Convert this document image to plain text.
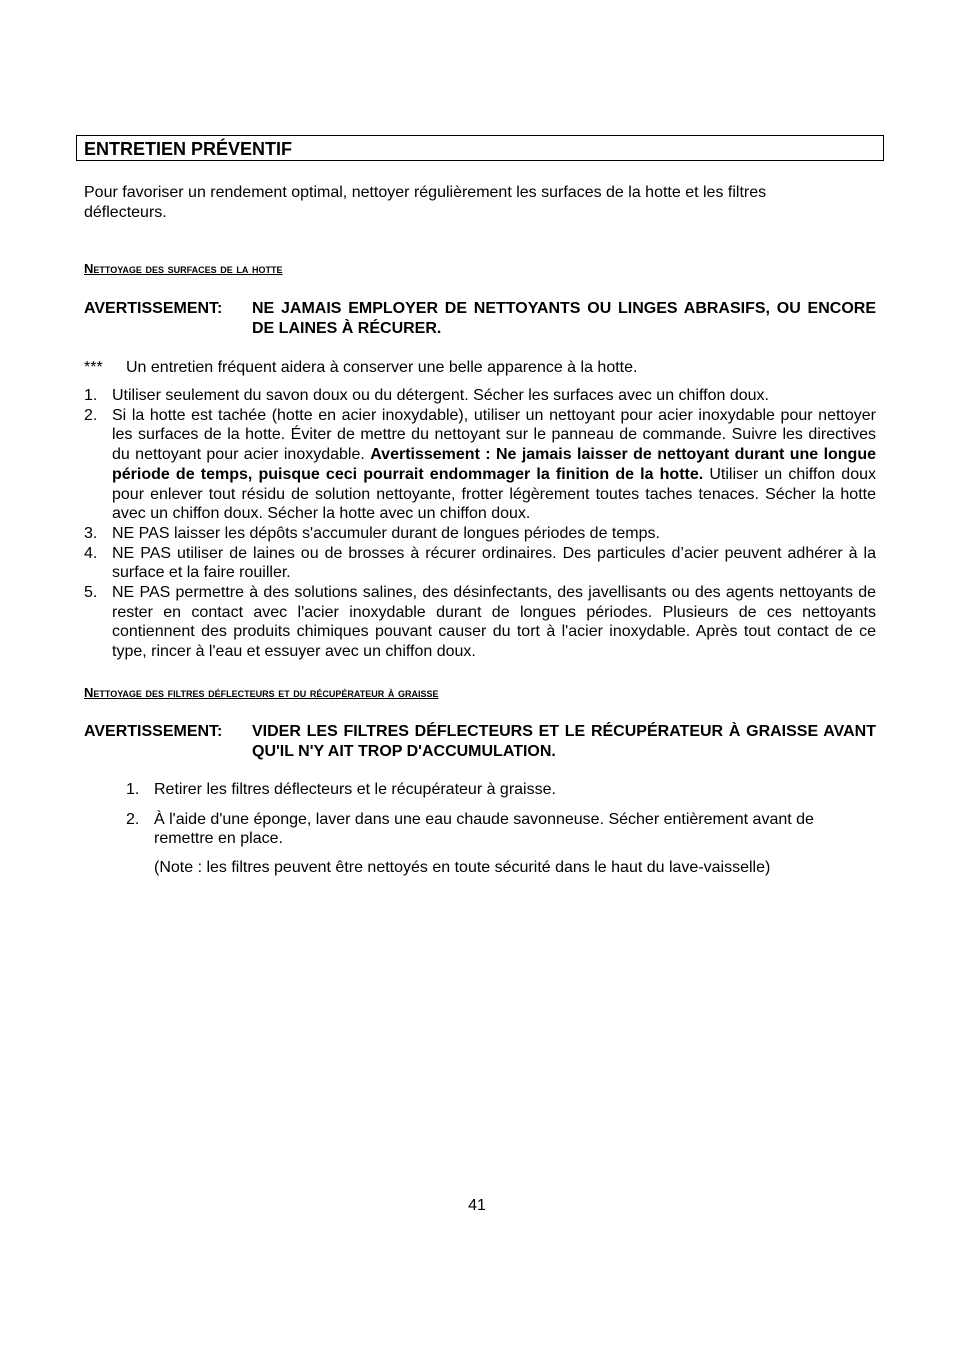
ENTRETIEN PRÉVENTIF
Pour favoriser un rendement optimal, nettoyer régulièrement les surfaces de la hotte et les filtres déflecteurs.
Nettoyage des surfaces de la hotte
AVERTISSEMENT: NE JAMAIS EMPLOYER DE NETTOYANTS OU LINGES ABRASIFS, OU ENCORE DE LAINES À RÉCURER.
*** Un entretien fréquent aidera à conserver une belle apparence à la hotte.
1. Utiliser seulement du savon doux ou du détergent. Sécher les surfaces avec un chiffon doux.
2. Si la hotte est tachée (hotte en acier inoxydable), utiliser un nettoyant pour acier inoxydable pour nettoyer les surfaces de la hotte. Éviter de mettre du nettoyant sur le panneau de commande. Suivre les directives du nettoyant pour acier inoxydable. Avertissement : Ne jamais laisser de nettoyant durant une longue période de temps, puisque ceci pourrait endommager la finition de la hotte. Utiliser un chiffon doux pour enlever tout résidu de solution nettoyante, frotter légèrement toutes taches tenaces. Sécher la hotte avec un chiffon doux. Sécher la hotte avec un chiffon doux.
3. NE PAS laisser les dépôts s'accumuler durant de longues périodes de temps.
4. NE PAS utiliser de laines ou de brosses à récurer ordinaires. Des particules d’acier peuvent adhérer à la surface et la faire rouiller.
5. NE PAS permettre à des solutions salines, des désinfectants, des javellisants ou des agents nettoyants de rester en contact avec l'acier inoxydable durant de longues périodes. Plusieurs de ces nettoyants contiennent des produits chimiques pouvant causer du tort à l'acier inoxydable. Après tout contact de ce type, rincer à l'eau et essuyer avec un chiffon doux.
Nettoyage des filtres déflecteurs et du récupérateur à graisse
AVERTISSEMENT: VIDER LES FILTRES DÉFLECTEURS ET LE RÉCUPÉRATEUR À GRAISSE AVANT QU'IL N'Y AIT TROP D'ACCUMULATION.
1. Retirer les filtres déflecteurs et le récupérateur à graisse.
2. À l'aide d'une éponge, laver dans une eau chaude savonneuse. Sécher entièrement avant de remettre en place.
(Note : les filtres peuvent être nettoyés en toute sécurité dans le haut du lave-vaisselle)
41
